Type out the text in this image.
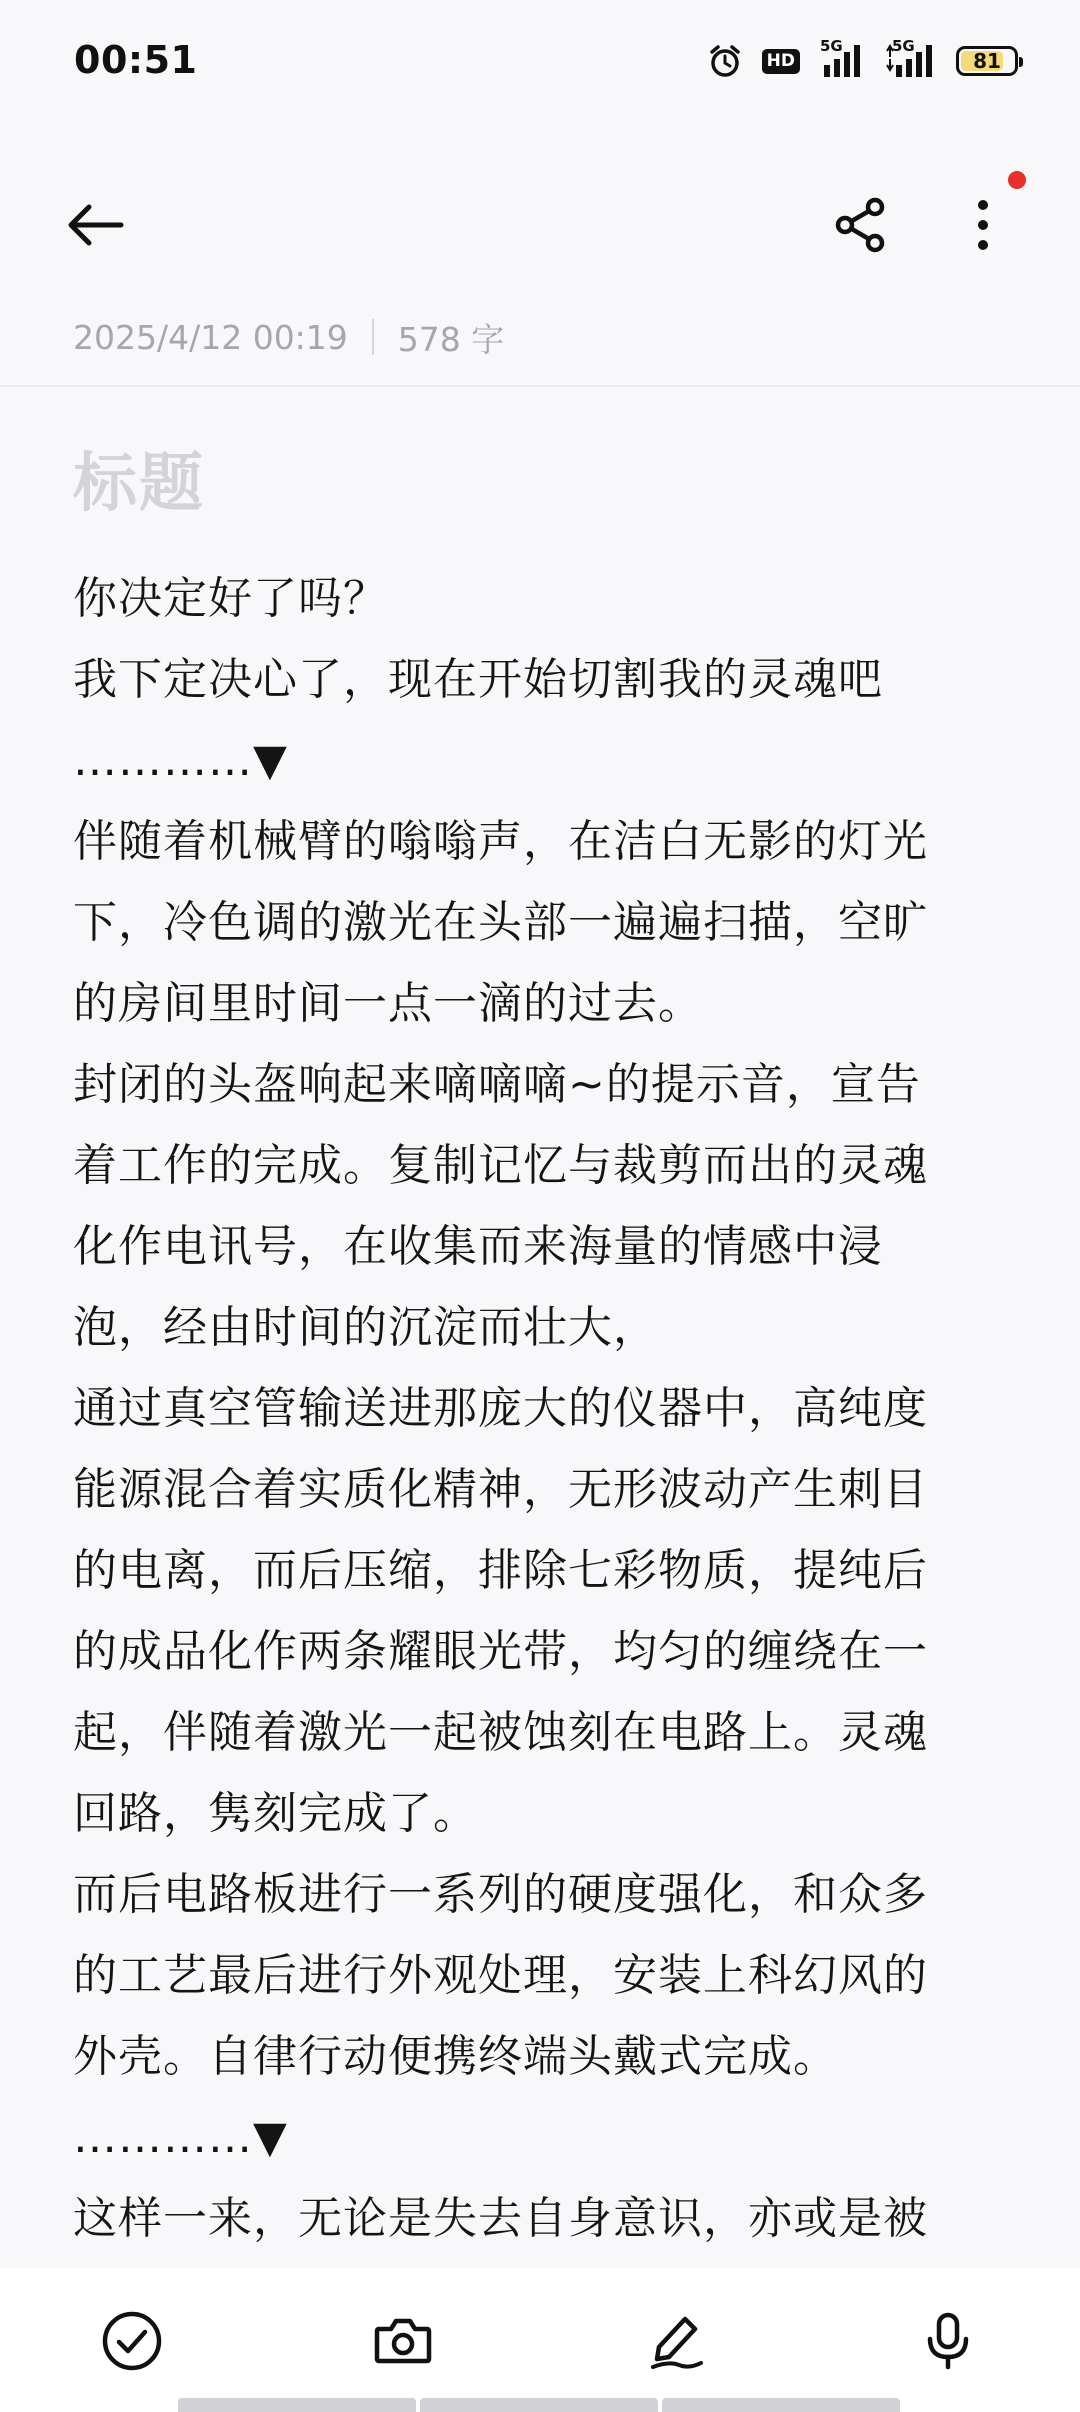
00:51	HD
5G	5G
81
2025/4/12 00:19 578 字
标题
你决定好了吗？
我下定决心了，现在开始切割我的灵魂吧
…………▼
伴随着机械臂的嗡嗡声，在洁白无影的灯光
下，冷色调的激光在头部一遍遍扫描，空旷
的房间里时间一点一滴的过去。
封闭的头盔响起来嘀嘀嘀~的提示音，宣告
着工作的完成。复制记忆与裁剪而出的灵魂
化作电讯号，在收集而来海量的情感中浸
泡，经由时间的沉淀而壮大，
通过真空管输送进那庞大的仪器中，高纯度
能源混合着实质化精神，无形波动产生刺目
的电离，而后压缩，排除七彩物质，提纯后
的成品化作两条耀眼光带，均匀的缠绕在一
起，伴随着激光一起被蚀刻在电路上。灵魂
回路，隽刻完成了。
而后电路板进行一系列的硬度强化，和众多
的工艺最后进行外观处理，安装上科幻风的
外壳。自律行动便携终端头戴式完成。
…………▼
这样一来，无论是失去自身意识，亦或是被
